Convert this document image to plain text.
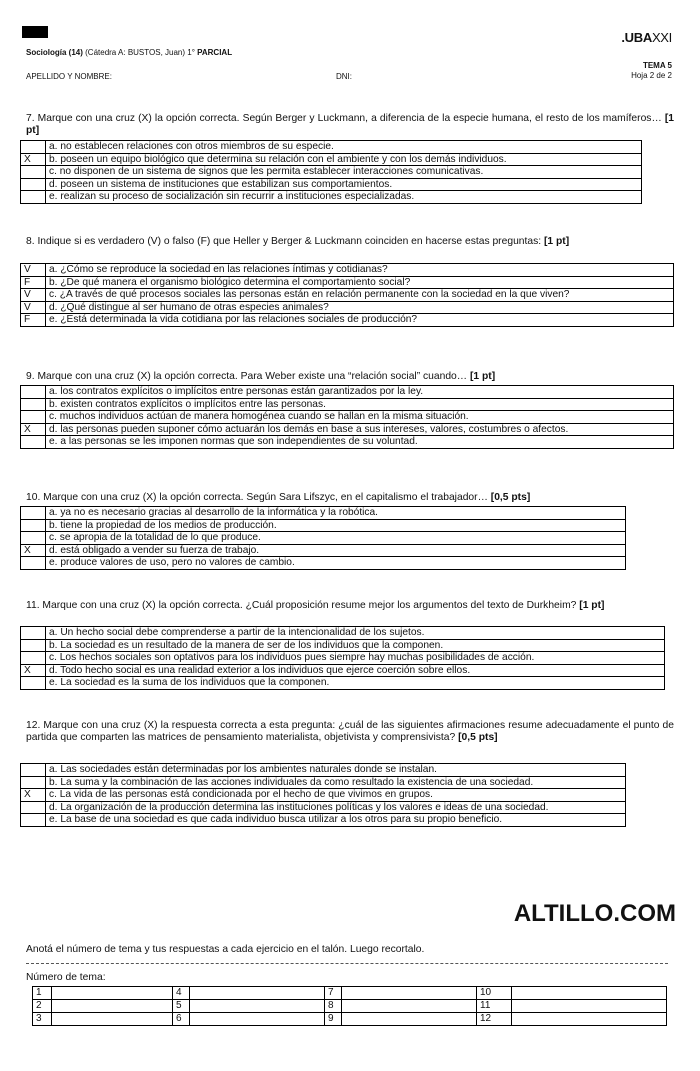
.UBAXXI
Sociología (14) (Cátedra A: BUSTOS, Juan) 1° PARCIAL
TEMA 5
Hoja 2 de 2
APELLIDO Y NOMBRE:	DNI:
7. Marque con una cruz (X) la opción correcta. Según Berger y Luckmann, a diferencia de la especie humana, el resto de los mamíferos… [1 pt]
	a. no establecen relaciones con otros miembros de su especie.
X	b. poseen un equipo biológico que determina su relación con el ambiente y con los demás individuos.
	c. no disponen de un sistema de signos que les permita establecer interacciones comunicativas.
	d. poseen un sistema de instituciones que estabilizan sus comportamientos.
	e. realizan su proceso de socialización sin recurrir a instituciones especializadas.
8. Indique si es verdadero (V) o falso (F) que Heller y Berger & Luckmann coinciden en hacerse estas preguntas: [1 pt]
V	a. ¿Cómo se reproduce la sociedad en las relaciones íntimas y cotidianas?
F	b. ¿De qué manera el organismo biológico determina el comportamiento social?
V	c. ¿A través de qué procesos sociales las personas están en relación permanente con la sociedad en la que viven?
V	d. ¿Qué distingue al ser humano de otras especies animales?
F	e. ¿Está determinada la vida cotidiana por las relaciones sociales de producción?
9. Marque con una cruz (X) la opción correcta. Para Weber existe una “relación social” cuando… [1 pt]
	a. los contratos explícitos o implícitos entre personas están garantizados por la ley.
	b. existen contratos explícitos o implícitos entre las personas.
	c. muchos individuos actúan de manera homogénea cuando se hallan en la misma situación.
X	d. las personas pueden suponer cómo actuarán los demás en base a sus intereses, valores, costumbres o afectos.
	e. a las personas se les imponen normas que son independientes de su voluntad.
10. Marque con una cruz (X) la opción correcta. Según Sara Lifszyc, en el capitalismo el trabajador… [0,5 pts]
	a. ya no es necesario gracias al desarrollo de la informática y la robótica.
	b. tiene la propiedad de los medios de producción.
	c. se apropia de la totalidad de lo que produce.
X	d. está obligado a vender su fuerza de trabajo.
	e. produce valores de uso, pero no valores de cambio.
11. Marque con una cruz (X) la opción correcta. ¿Cuál proposición resume mejor los argumentos del texto de Durkheim? [1 pt]
	a. Un hecho social debe comprenderse a partir de la intencionalidad de los sujetos.
	b. La sociedad es un resultado de la manera de ser de los individuos que la componen.
	c. Los hechos sociales son optativos para los individuos pues siempre hay muchas posibilidades de acción.
X	d. Todo hecho social es una realidad exterior a los individuos que ejerce coerción sobre ellos.
	e. La sociedad es la suma de los individuos que la componen.
12. Marque con una cruz (X) la respuesta correcta a esta pregunta: ¿cuál de las siguientes afirmaciones resume adecuadamente el punto de partida que comparten las matrices de pensamiento materialista, objetivista y comprensivista? [0,5 pts]
	a. Las sociedades están determinadas por los ambientes naturales donde se instalan.
	b. La suma y la combinación de las acciones individuales da como resultado la existencia de una sociedad.
X	c. La vida de las personas está condicionada por el hecho de que vivimos en grupos.
	d. La organización de la producción determina las instituciones políticas y los valores e ideas de una sociedad.
	e. La base de una sociedad es que cada individuo busca utilizar a los otros para su propio beneficio.
ALTILLO.COM
Anotá el número de tema y tus respuestas a cada ejercicio en el talón. Luego recortalo.
Número de tema:
1		4		7		10	
2		5		8		11	
3		6		9		12	
